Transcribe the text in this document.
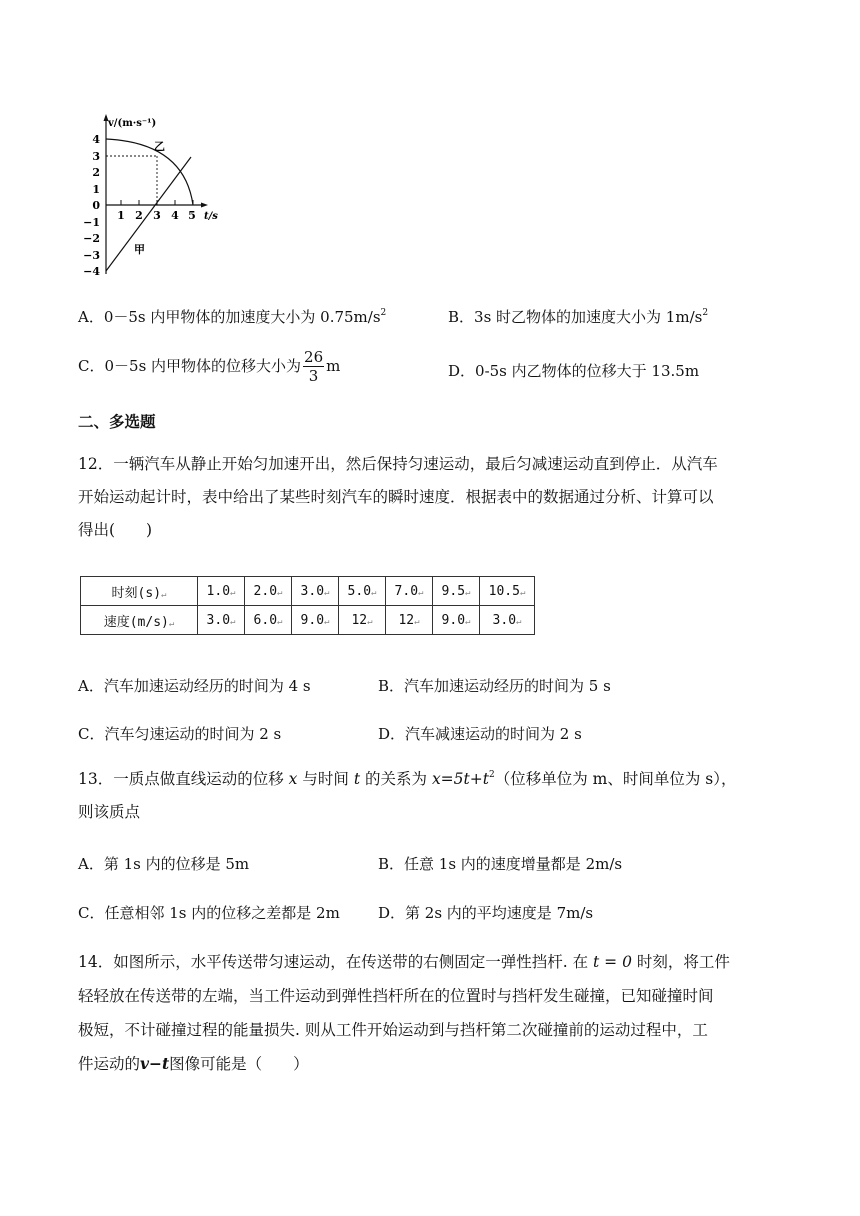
v/(m·s⁻¹)
4
3
2
1
0
−1
−2
−3
−4
1 2 3 4 5 t/s
乙
甲
A．0－5s 内甲物体的加速度大小为 $0.75m/s^2$	B．3s 时乙物体的加速度大小为 $1m/s^2$
C．0－5s 内甲物体的位移大小为 $\frac{26}{3}$ m	D．0-5s 内乙物体的位移大于 13.5m
二、多选题
12．一辆汽车从静止开始匀加速开出，然后保持匀速运动，最后匀减速运动直到停止．从汽车
开始运动起计时，表中给出了某些时刻汽车的瞬时速度．根据表中的数据通过分析、计算可以
得出(　　)
时刻(s)↵	1.0↵	2.0↵	3.0↵	5.0↵	7.0↵	9.5↵	10.5↵
速度(m/s)↵	3.0↵	6.0↵	9.0↵	12↵	12↵	9.0↵	3.0↵
A．汽车加速运动经历的时间为 4 s	B．汽车加速运动经历的时间为 5 s
C．汽车匀速运动的时间为 2 s	D．汽车减速运动的时间为 2 s
13．一质点做直线运动的位移 x 与时间 t 的关系为 $x=5t+t^2$（位移单位为 m、时间单位为 s），
则该质点
A．第 1s 内的位移是 5m	B．任意 1s 内的速度增量都是 2m/s
C．任意相邻 1s 内的位移之差都是 2m	D．第 2s 内的平均速度是 7m/s
14．如图所示，水平传送带匀速运动，在传送带的右侧固定一弹性挡杆. 在 t = 0 时刻，将工件
轻轻放在传送带的左端，当工件运动到弹性挡杆所在的位置时与挡杆发生碰撞，已知碰撞时间
极短，不计碰撞过程的能量损失. 则从工件开始运动到与挡杆第二次碰撞前的运动过程中，工
件运动的v−t图像可能是（　　）
